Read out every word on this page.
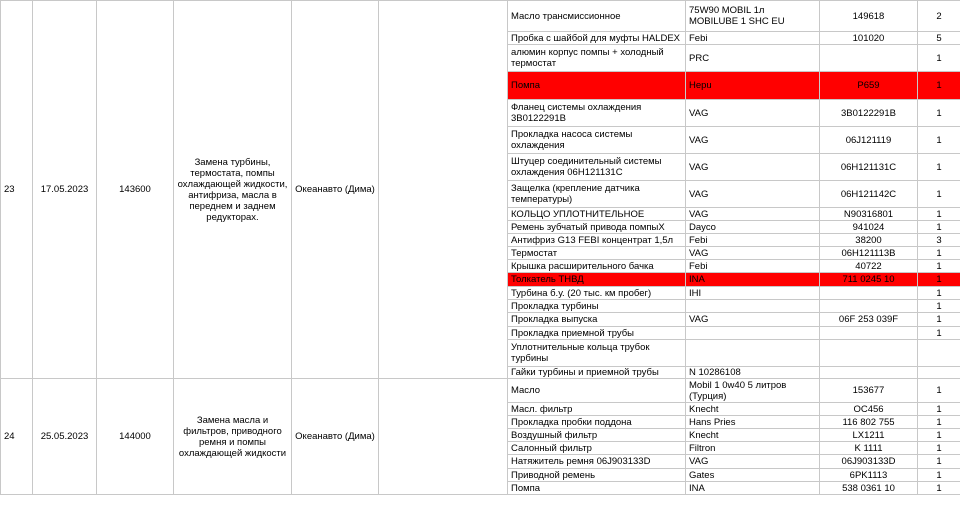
23	17.05.2023	143600	Замена турбины, термостата, помпы охлаждающей жидкости, антифриза, масла в переднем и заднем редукторах.	Океанавто (Дима)		Масло трансмиссионное	75W90 MOBIL 1л MOBILUBE 1 SHC EU	149618	2	
						Пробка с шайбой для муфты HALDEX	Febi	101020	5	
						алюмин корпус помпы + холодный термостат	PRC		1	
						Помпа	Hepu	P659	1	
						Фланец системы охлаждения 3B0122291B	VAG	3B0122291B	1	
						Прокладка насоса системы охлаждения	VAG	06J121119	1	
						Штуцер соединительный системы охлаждения 06H121131C	VAG	06H121131C	1	
						Защелка (крепление датчика температуры)	VAG	06H121142C	1	
						КОЛЬЦО УПЛОТНИТЕЛЬНОЕ	VAG	N90316801	1	
						Ремень зубчатый привода помпыХ	Dayco	941024	1	
						Антифриз G13 FEBI концентрат 1,5л	Febi	38200	3	
						Термостат	VAG	06H121113B	1	
						Крышка расширительного бачка	Febi	40722	1	
						Толкатель ТНВД	INA	711 0245 10	1	
						Турбина б.у. (20 тыс. км пробег)	IHI		1	
						Прокладка турбины			1	
						Прокладка выпуска	VAG	06F 253 039F	1	
						Прокладка приемной трубы			1	
						Уплотнительные кольца трубок турбины				
						Гайки турбины и приемной трубы	N 10286108			
24	25.05.2023	144000	Замена масла и фильтров, приводного ремня и помпы охлаждающей жидкости	Океанавто (Дима)		Масло	Mobil 1 0w40 5 литров (Турция)	153677	1	
						Масл. фильтр	Knecht	OC456	1	
						Прокладка пробки поддона	Hans Pries	116 802 755	1	
						Воздушный фильтр	Knecht	LX1211	1	
						Салонный фильтр	Filtron	K 1111	1	
						Натяжитель ремня 06J903133D	VAG	06J903133D	1	
						Приводной ремень	Gates	6PK1113	1	
						Помпа	INA	538 0361 10	1	
